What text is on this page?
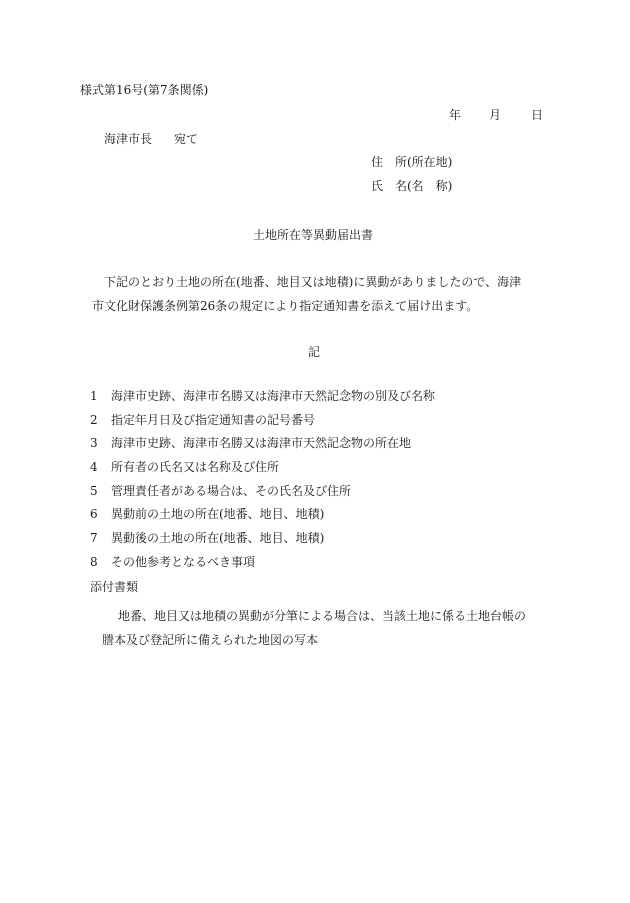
様式第16号(第7条関係)
年 月	日
海津市長 宛て
住　所(所在地)
氏　名(名　称)
土地所在等異動届出書
下記のとおり土地の所在(地番、地目又は地積)に異動がありましたので、海津
市文化財保護条例第26条の規定により指定通知書を添えて届け出ます。
記
1	海津市史跡、海津市名勝又は海津市天然記念物の別及び名称
2	指定年月日及び指定通知書の記号番号
3	海津市史跡、海津市名勝又は海津市天然記念物の所在地
4	所有者の氏名又は名称及び住所
5	管理責任者がある場合は、その氏名及び住所
6	異動前の土地の所在(地番、地目、地積)
7	異動後の土地の所在(地番、地目、地積)
8	その他参考となるべき事項
添付書類
地番、地目又は地積の異動が分筆による場合は、当該土地に係る土地台帳の
謄本及び登記所に備えられた地図の写本
